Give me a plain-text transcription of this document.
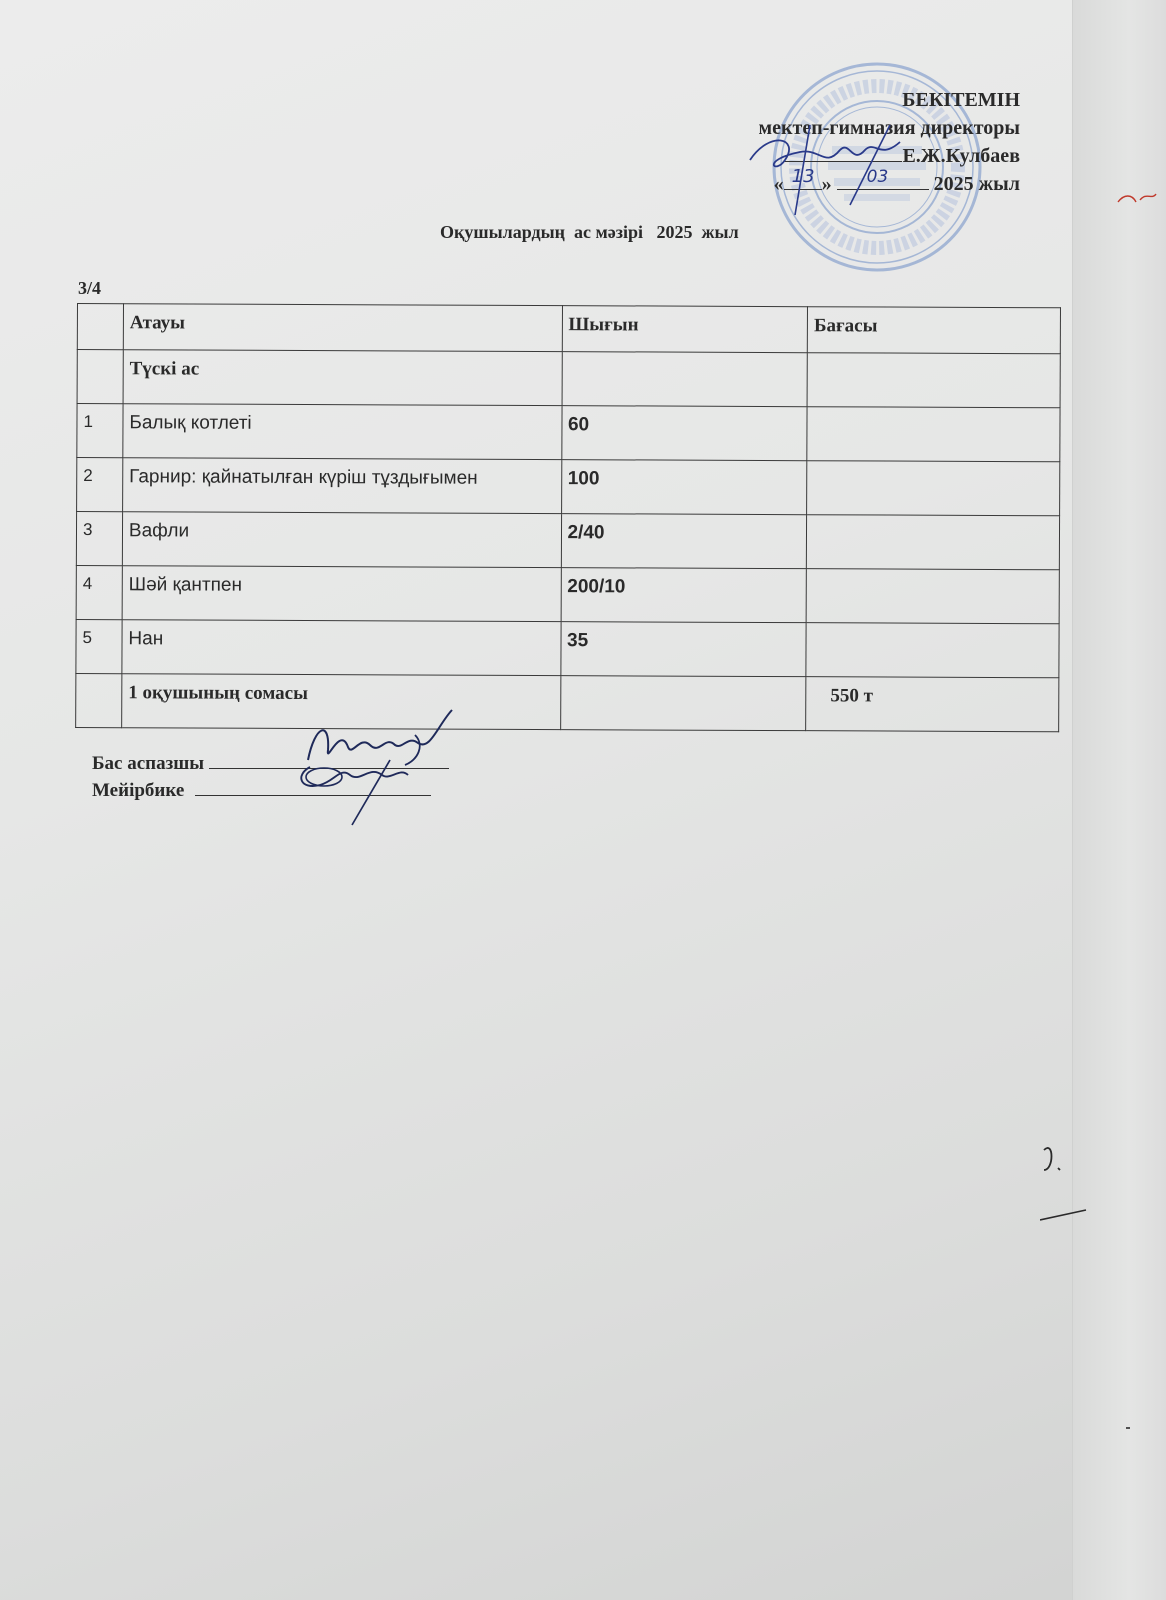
БЕКІТЕМІН
мектеп-гимназия директоры
Е.Ж.Кулбаев
« 13 » 03 2025 жыл
Оқушылардың  ас мәзірі   2025  жыл
3/4
	Атауы	Шығын	Бағасы
	Түскі ас		
1	Балық котлеті	60	
2	Гарнир: қайнатылған күріш тұздығымен	100	
3	Вафли	2/40	
4	Шәй қантпен	200/10	
5	Нан	35	
	1 оқушының сомасы		550 т
Бас аспазшы
Мейірбике
